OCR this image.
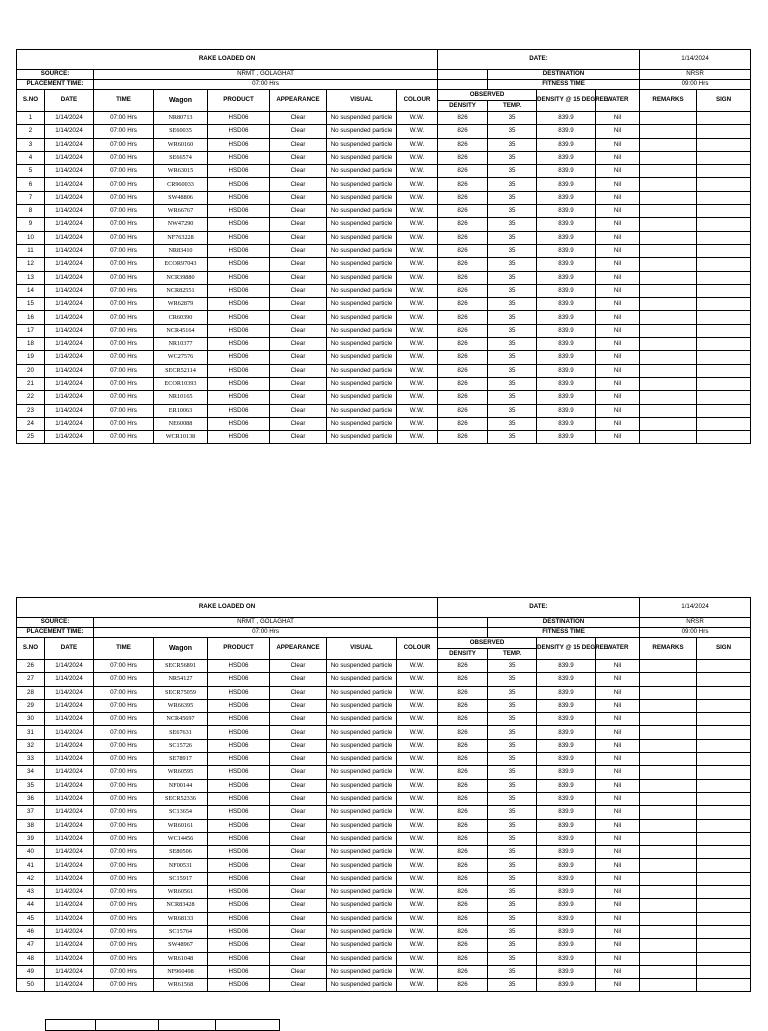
RAKE LOADED ON								DATE:				1/14/2024	
SOURCE:		NRMT , GOLAGHAT							DESTINATION			NRSR	
PLACEMENT TIME:		07:00 Hrs							FITNESS TIME			09:00 Hrs	
S.NO	DATE	TIME	Wagon	PRODUCT	APPEARANCE	VISUAL	COLOUR	OBSERVED		DENSITY @ 15 DEGREE	WATER	REMARKS	SIGN
								DENSITY	TEMP.				
1	1/14/2024	07:00 Hrs	NR80713	HSD06	Clear	No suspended particle	W.W.	826	35	839.9	Nil		
2	1/14/2024	07:00 Hrs	SE60035	HSD06	Clear	No suspended particle	W.W.	826	35	839.9	Nil		
3	1/14/2024	07:00 Hrs	WR60160	HSD06	Clear	No suspended particle	W.W.	826	35	839.9	Nil		
4	1/14/2024	07:00 Hrs	SE66574	HSD06	Clear	No suspended particle	W.W.	826	35	839.9	Nil		
5	1/14/2024	07:00 Hrs	WR63015	HSD06	Clear	No suspended particle	W.W.	826	35	839.9	Nil		
6	1/14/2024	07:00 Hrs	CR960033	HSD06	Clear	No suspended particle	W.W.	826	35	839.9	Nil		
7	1/14/2024	07:00 Hrs	SW48806	HSD06	Clear	No suspended particle	W.W.	826	35	839.9	Nil		
8	1/14/2024	07:00 Hrs	WR66767	HSD06	Clear	No suspended particle	W.W.	826	35	839.9	Nil		
9	1/14/2024	07:00 Hrs	NW47290	HSD06	Clear	No suspended particle	W.W.	826	35	839.9	Nil		
10	1/14/2024	07:00 Hrs	NF763228	HSD06	Clear	No suspended particle	W.W.	826	35	839.9	Nil		
11	1/14/2024	07:00 Hrs	NR83410	HSD06	Clear	No suspended particle	W.W.	826	35	839.9	Nil		
12	1/14/2024	07:00 Hrs	ECOR97043	HSD06	Clear	No suspended particle	W.W.	826	35	839.9	Nil		
13	1/14/2024	07:00 Hrs	NCR39880	HSD06	Clear	No suspended particle	W.W.	826	35	839.9	Nil		
14	1/14/2024	07:00 Hrs	NCR82551	HSD06	Clear	No suspended particle	W.W.	826	35	839.9	Nil		
15	1/14/2024	07:00 Hrs	WR62879	HSD06	Clear	No suspended particle	W.W.	826	35	839.9	Nil		
16	1/14/2024	07:00 Hrs	CR60390	HSD06	Clear	No suspended particle	W.W.	826	35	839.9	Nil		
17	1/14/2024	07:00 Hrs	NCR45164	HSD06	Clear	No suspended particle	W.W.	826	35	839.9	Nil		
18	1/14/2024	07:00 Hrs	NR10377	HSD06	Clear	No suspended particle	W.W.	826	35	839.9	Nil		
19	1/14/2024	07:00 Hrs	WC27576	HSD06	Clear	No suspended particle	W.W.	826	35	839.9	Nil		
20	1/14/2024	07:00 Hrs	SECR52114	HSD06	Clear	No suspended particle	W.W.	826	35	839.9	Nil		
21	1/14/2024	07:00 Hrs	ECOR10393	HSD06	Clear	No suspended particle	W.W.	826	35	839.9	Nil		
22	1/14/2024	07:00 Hrs	NR10165	HSD06	Clear	No suspended particle	W.W.	826	35	839.9	Nil		
23	1/14/2024	07:00 Hrs	ER10063	HSD06	Clear	No suspended particle	W.W.	826	35	839.9	Nil		
24	1/14/2024	07:00 Hrs	NE60088	HSD06	Clear	No suspended particle	W.W.	826	35	839.9	Nil		
25	1/14/2024	07:00 Hrs	WCR10138	HSD06	Clear	No suspended particle	W.W.	826	35	839.9	Nil		
RAKE LOADED ON								DATE:				1/14/2024	
SOURCE:		NRMT , GOLAGHAT							DESTINATION			NRSR	
PLACEMENT TIME:		07:00 Hrs							FITNESS TIME			09:00 Hrs	
S.NO	DATE	TIME	Wagon	PRODUCT	APPEARANCE	VISUAL	COLOUR	OBSERVED		DENSITY @ 15 DEGREE	WATER	REMARKS	SIGN
								DENSITY	TEMP.				
26	1/14/2024	07:00 Hrs	SECR56891	HSD06	Clear	No suspended particle	W.W.	826	35	839.9	Nil		
27	1/14/2024	07:00 Hrs	NR54127	HSD06	Clear	No suspended particle	W.W.	826	35	839.9	Nil		
28	1/14/2024	07:00 Hrs	SECR75059	HSD06	Clear	No suspended particle	W.W.	826	35	839.9	Nil		
29	1/14/2024	07:00 Hrs	WR66395	HSD06	Clear	No suspended particle	W.W.	826	35	839.9	Nil		
30	1/14/2024	07:00 Hrs	NCR45697	HSD06	Clear	No suspended particle	W.W.	826	35	839.9	Nil		
31	1/14/2024	07:00 Hrs	SE67631	HSD06	Clear	No suspended particle	W.W.	826	35	839.9	Nil		
32	1/14/2024	07:00 Hrs	SC15726	HSD06	Clear	No suspended particle	W.W.	826	35	839.9	Nil		
33	1/14/2024	07:00 Hrs	SE78917	HSD06	Clear	No suspended particle	W.W.	826	35	839.9	Nil		
34	1/14/2024	07:00 Hrs	WR60595	HSD06	Clear	No suspended particle	W.W.	826	35	839.9	Nil		
35	1/14/2024	07:00 Hrs	NF00144	HSD06	Clear	No suspended particle	W.W.	826	35	839.9	Nil		
36	1/14/2024	07:00 Hrs	SECR52336	HSD06	Clear	No suspended particle	W.W.	826	35	839.9	Nil		
37	1/14/2024	07:00 Hrs	SC13654	HSD06	Clear	No suspended particle	W.W.	826	35	839.9	Nil		
38	1/14/2024	07:00 Hrs	WR60161	HSD06	Clear	No suspended particle	W.W.	826	35	839.9	Nil		
39	1/14/2024	07:00 Hrs	WC14456	HSD06	Clear	No suspended particle	W.W.	826	35	839.9	Nil		
40	1/14/2024	07:00 Hrs	SE80506	HSD06	Clear	No suspended particle	W.W.	826	35	839.9	Nil		
41	1/14/2024	07:00 Hrs	NF00531	HSD06	Clear	No suspended particle	W.W.	826	35	839.9	Nil		
42	1/14/2024	07:00 Hrs	SC15917	HSD06	Clear	No suspended particle	W.W.	826	35	839.9	Nil		
43	1/14/2024	07:00 Hrs	WR60561	HSD06	Clear	No suspended particle	W.W.	826	35	839.9	Nil		
44	1/14/2024	07:00 Hrs	NCR83428	HSD06	Clear	No suspended particle	W.W.	826	35	839.9	Nil		
45	1/14/2024	07:00 Hrs	WR68133	HSD06	Clear	No suspended particle	W.W.	826	35	839.9	Nil		
46	1/14/2024	07:00 Hrs	SC15764	HSD06	Clear	No suspended particle	W.W.	826	35	839.9	Nil		
47	1/14/2024	07:00 Hrs	SW48967	HSD06	Clear	No suspended particle	W.W.	826	35	839.9	Nil		
48	1/14/2024	07:00 Hrs	WR61048	HSD06	Clear	No suspended particle	W.W.	826	35	839.9	Nil		
49	1/14/2024	07:00 Hrs	NF960498	HSD06	Clear	No suspended particle	W.W.	826	35	839.9	Nil		
50	1/14/2024	07:00 Hrs	WR61568	HSD06	Clear	No suspended particle	W.W.	826	35	839.9	Nil		
